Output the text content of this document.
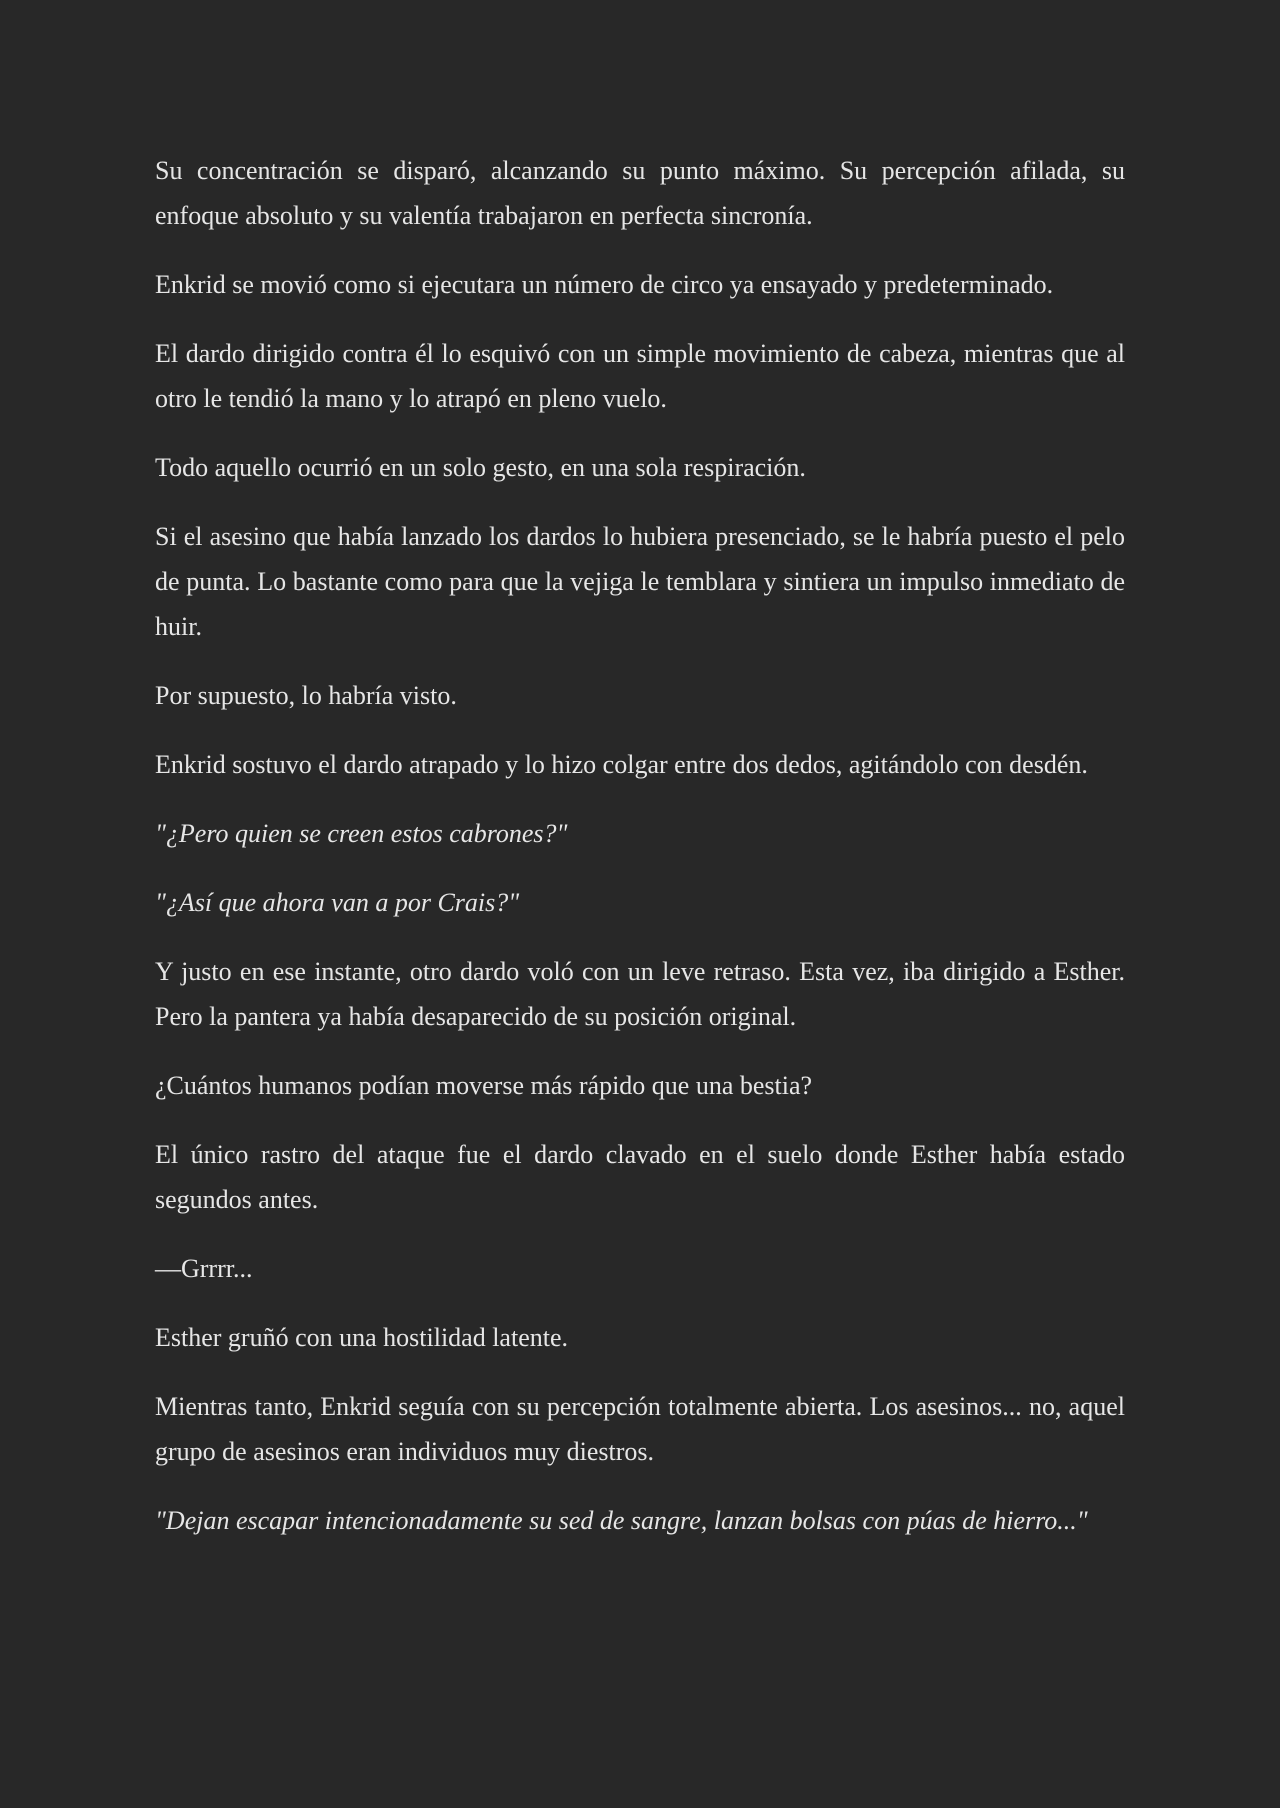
Su concentración se disparó, alcanzando su punto máximo. Su percepción afilada, su enfoque absoluto y su valentía trabajaron en perfecta sincronía.

Enkrid se movió como si ejecutara un número de circo ya ensayado y predeterminado.

El dardo dirigido contra él lo esquivó con un simple movimiento de cabeza, mientras que al otro le tendió la mano y lo atrapó en pleno vuelo.

Todo aquello ocurrió en un solo gesto, en una sola respiración.

Si el asesino que había lanzado los dardos lo hubiera presenciado, se le habría puesto el pelo de punta. Lo bastante como para que la vejiga le temblara y sintiera un impulso inmediato de huir.

Por supuesto, lo habría visto.

Enkrid sostuvo el dardo atrapado y lo hizo colgar entre dos dedos, agitándolo con desdén.

"¿Pero quien se creen estos cabrones?"

"¿Así que ahora van a por Crais?"

Y justo en ese instante, otro dardo voló con un leve retraso. Esta vez, iba dirigido a Esther. Pero la pantera ya había desaparecido de su posición original.

¿Cuántos humanos podían moverse más rápido que una bestia?

El único rastro del ataque fue el dardo clavado en el suelo donde Esther había estado segundos antes.

—Grrrr...

Esther gruñó con una hostilidad latente.

Mientras tanto, Enkrid seguía con su percepción totalmente abierta. Los asesinos... no, aquel grupo de asesinos eran individuos muy diestros.

"Dejan escapar intencionadamente su sed de sangre, lanzan bolsas con púas de hierro..."
